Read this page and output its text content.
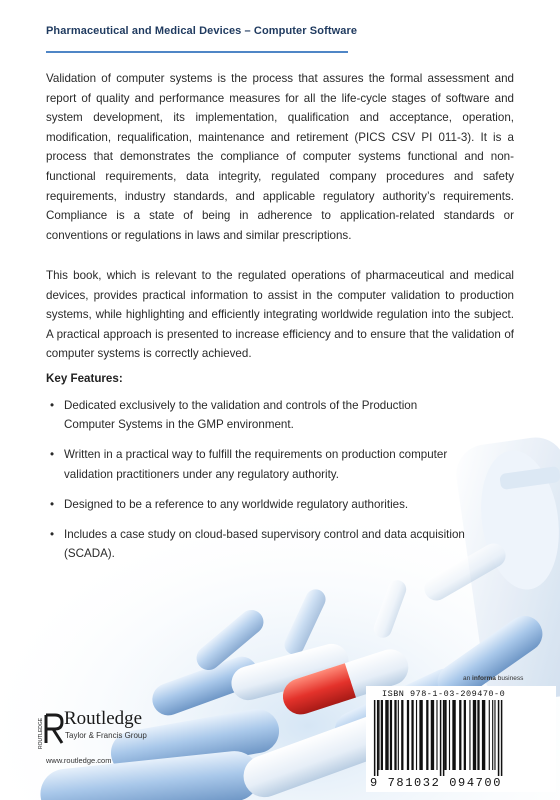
Pharmaceutical and Medical Devices – Computer Software

Validation of computer systems is the process that assures the formal assessment and report of quality and performance measures for all the life-cycle stages of software and system development, its implementation, qualification and acceptance, operation, modification, requalification, maintenance and retirement (PICS CSV PI 011-3). It is a process that demonstrates the compliance of computer systems functional and non-functional requirements, data integrity, regulated company procedures and safety requirements, industry standards, and applicable regulatory authority’s requirements. Compliance is a state of being in adherence to application-related standards or conventions or regulations in laws and similar prescriptions.

This book, which is relevant to the regulated operations of pharmaceutical and medical devices, provides practical information to assist in the computer validation to production systems, while highlighting and efficiently integrating worldwide regulation into the subject. A practical approach is presented to increase efficiency and to ensure that the validation of computer systems is correctly achieved.

Key Features:
• Dedicated exclusively to the validation and controls of the Production Computer Systems in the GMP environment.
• Written in a practical way to fulfill the requirements on production computer validation practitioners under any regulatory authority.
• Designed to be a reference to any worldwide regulatory authorities.
• Includes a case study on cloud-based supervisory control and data acquisition (SCADA).
an informa business
ISBN 978-1-03-209470-0
9 781032 094700
ROUTLEDGE Routledge
Taylor & Francis Group
www.routledge.com
